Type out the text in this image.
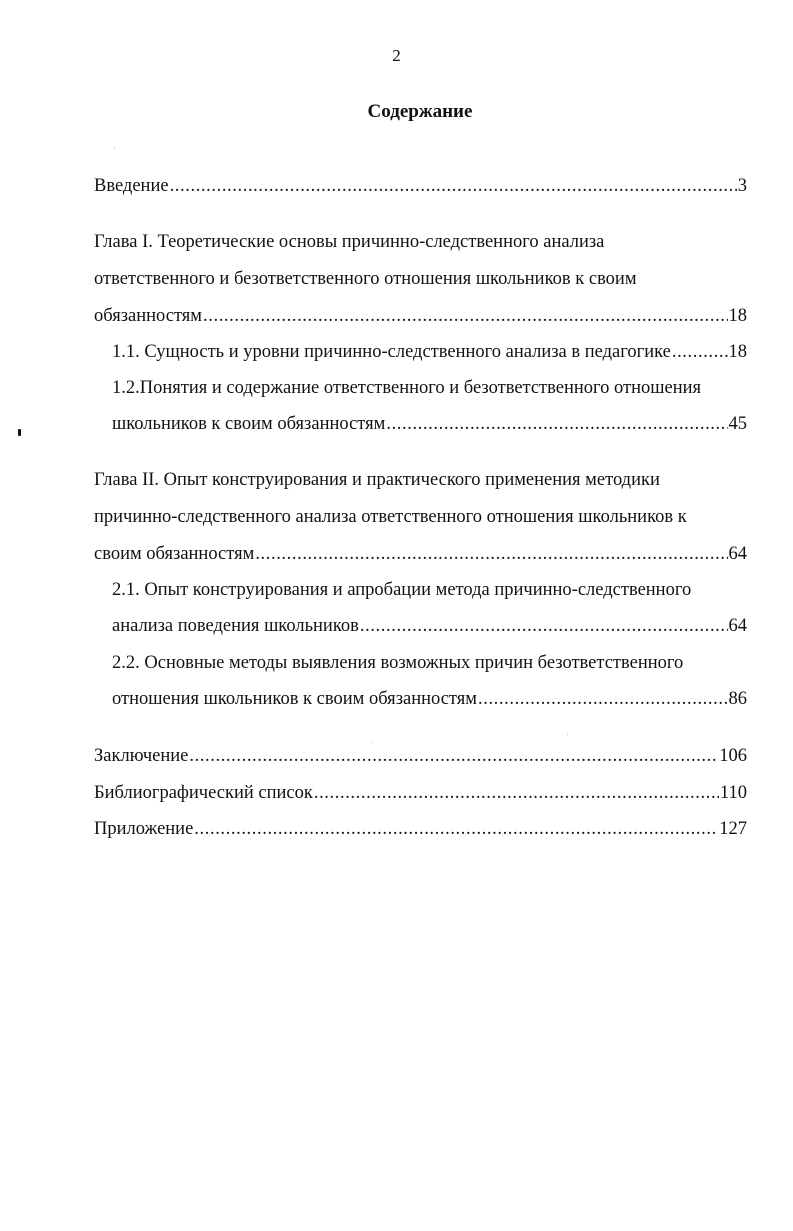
2
Содержание
Введение .....	3
Глава I. Теоретические основы причинно-следственного анализа
ответственного и безответственного отношения школьников к своим
обязанностям .....	18
1.1. Сущность и уровни причинно-следственного анализа в педагогике .....	18
1.2.Понятия и содержание ответственного и безответственного отношения
школьников к своим обязанностям .....	45
Глава II. Опыт конструирования и практического применения методики
причинно-следственного анализа ответственного отношения школьников к
своим обязанностям .....	64
2.1. Опыт конструирования и апробации метода причинно-следственного
анализа поведения школьников .....	64
2.2. Основные методы выявления возможных причин безответственного
отношения школьников к своим обязанностям .....	86
Заключение .....	106
Библиографический список .....	110
Приложение .....	127
